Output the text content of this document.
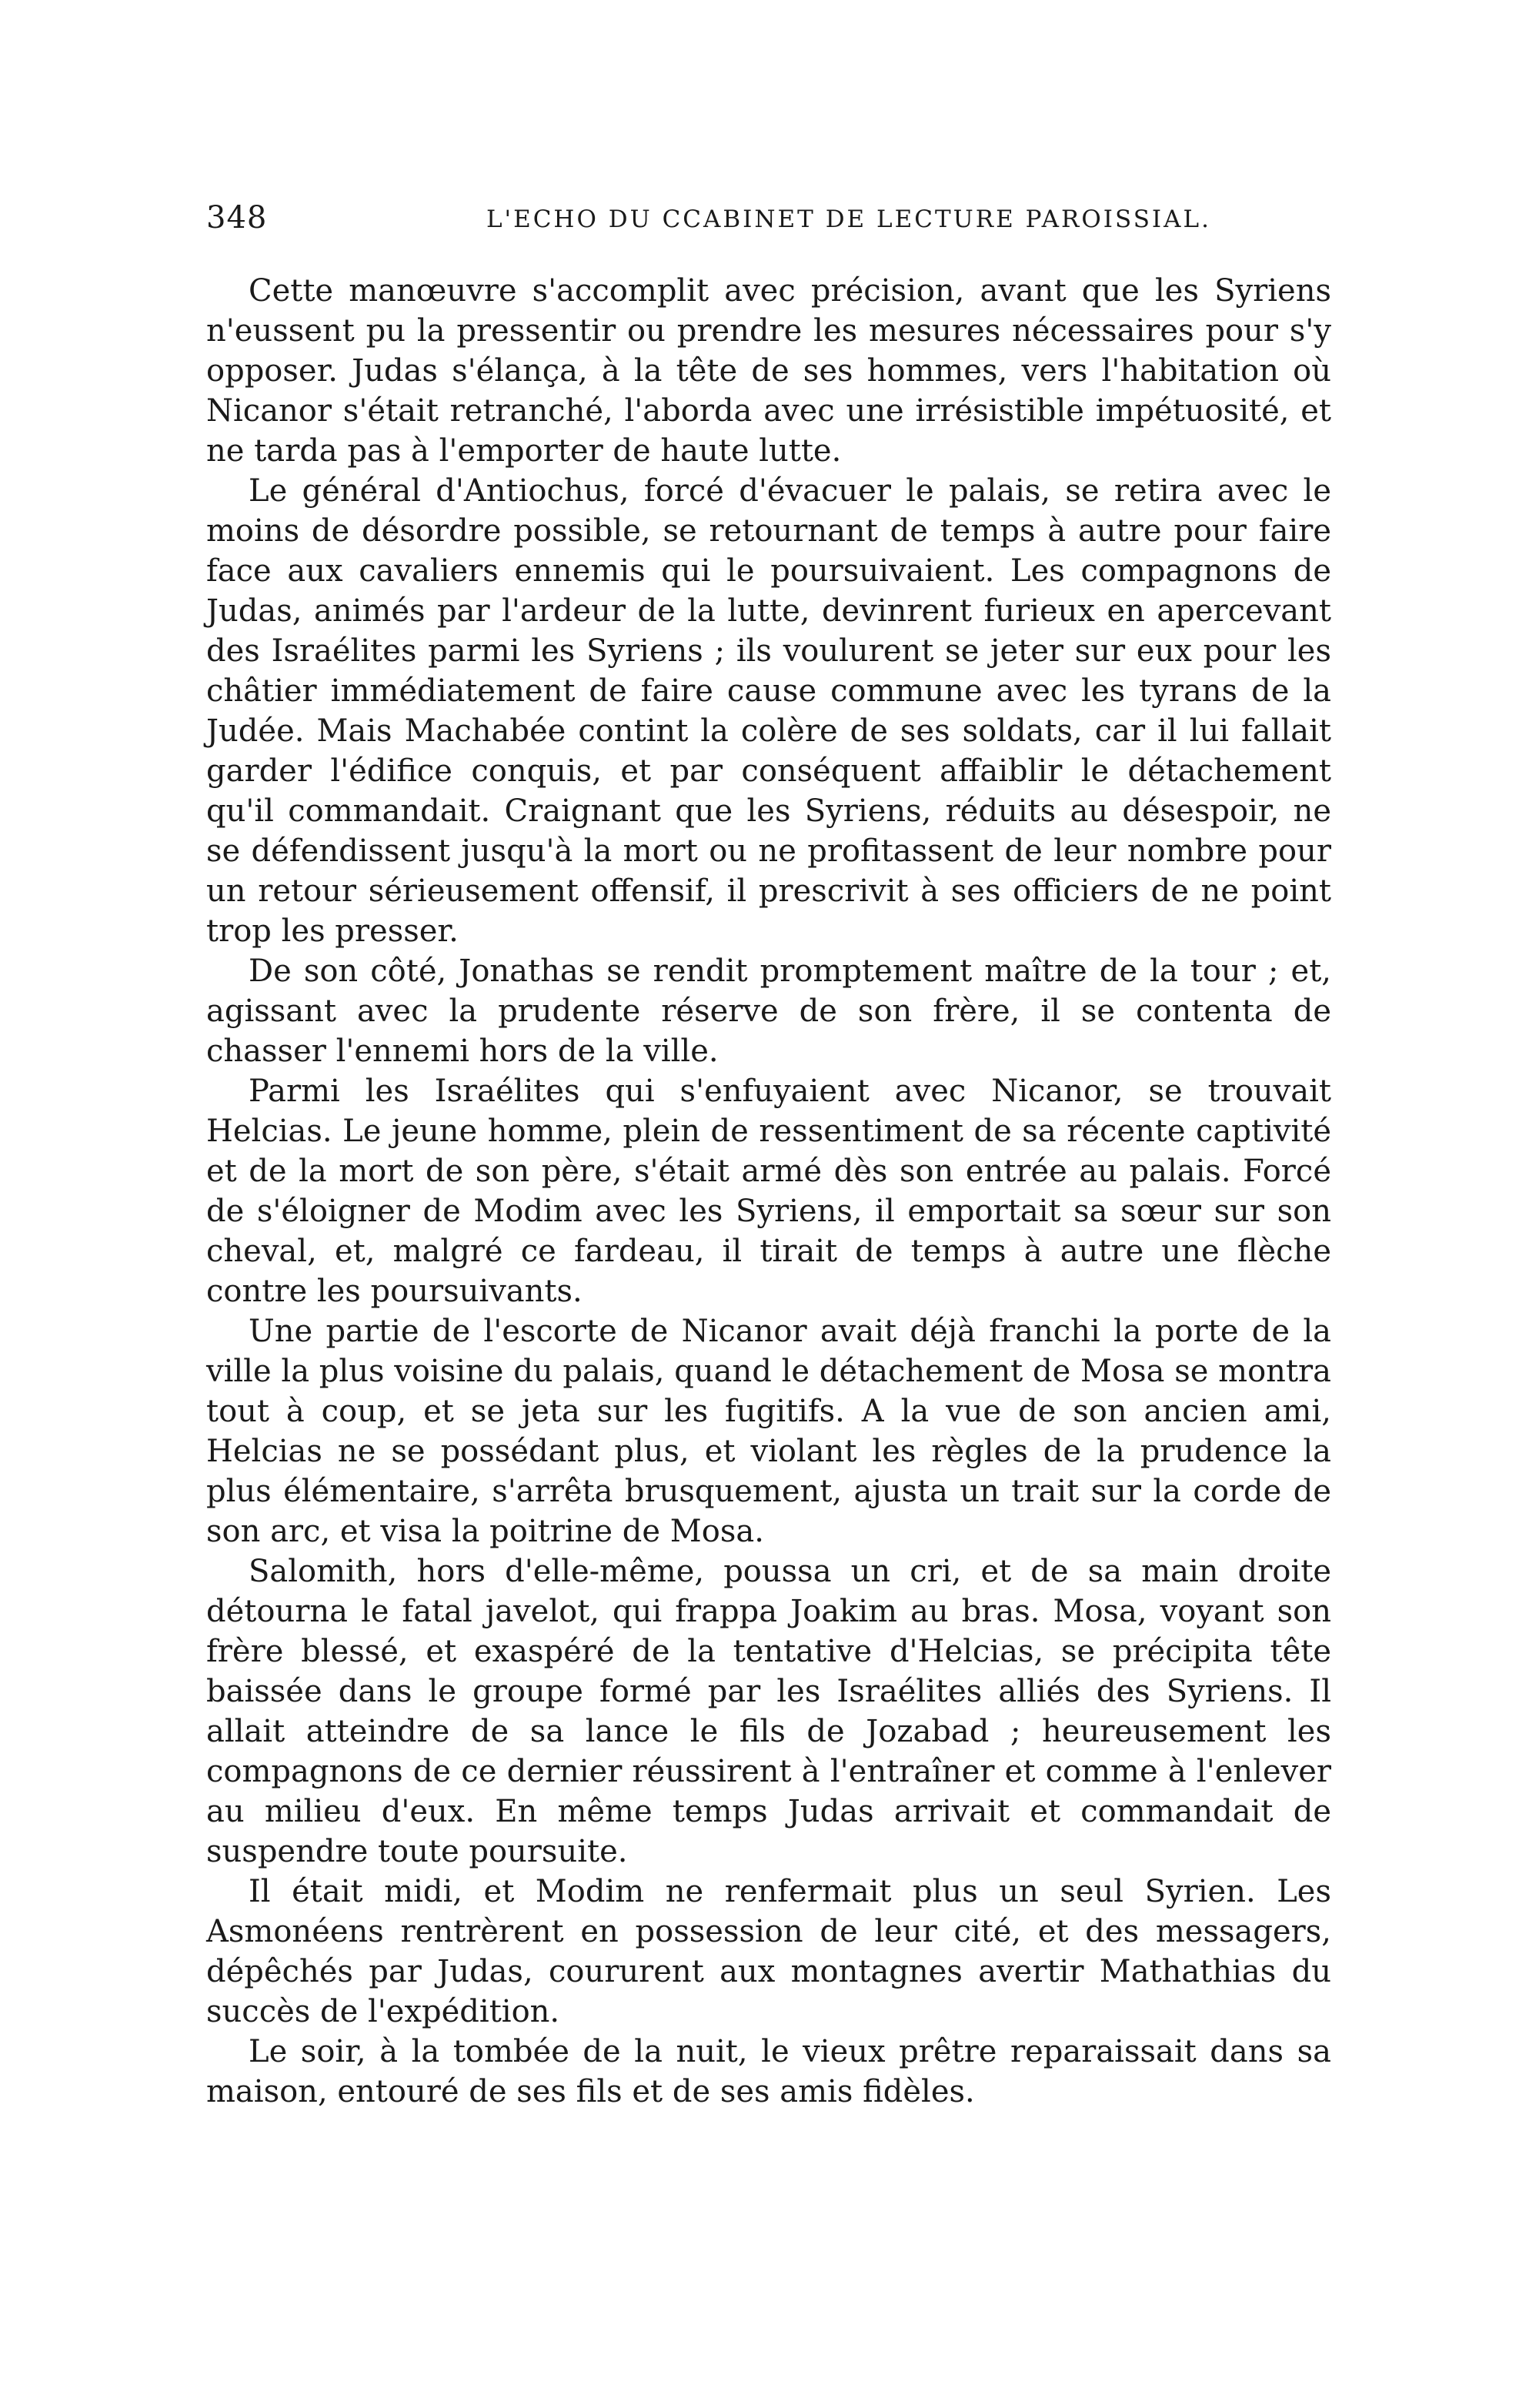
348	L'ECHO DU CCABINET DE LECTURE PAROISSIAL.

Cette manœuvre s'accomplit avec précision, avant que les Syriens n'eussent pu la pressentir ou prendre les mesures nécessaires pour s'y opposer. Judas s'élança, à la tête de ses hommes, vers l'habitation où Nicanor s'était retranché, l'aborda avec une irrésistible impétuosité, et ne tarda pas à l'emporter de haute lutte.

Le général d'Antiochus, forcé d'évacuer le palais, se retira avec le moins de désordre possible, se retournant de temps à autre pour faire face aux cavaliers ennemis qui le poursuivaient. Les compagnons de Judas, animés par l'ardeur de la lutte, devinrent furieux en apercevant des Israélites parmi les Syriens ; ils voulurent se jeter sur eux pour les châtier immédiatement de faire cause commune avec les tyrans de la Judée. Mais Machabée contint la colère de ses soldats, car il lui fallait garder l'édifice conquis, et par conséquent affaiblir le détachement qu'il commandait. Craignant que les Syriens, réduits au désespoir, ne se défendissent jusqu'à la mort ou ne profitassent de leur nombre pour un retour sérieusement offensif, il prescrivit à ses officiers de ne point trop les presser.

De son côté, Jonathas se rendit promptement maître de la tour ; et, agissant avec la prudente réserve de son frère, il se contenta de chasser l'ennemi hors de la ville.

Parmi les Israélites qui s'enfuyaient avec Nicanor, se trouvait Helcias. Le jeune homme, plein de ressentiment de sa récente captivité et de la mort de son père, s'était armé dès son entrée au palais. Forcé de s'éloigner de Modim avec les Syriens, il emportait sa sœur sur son cheval, et, malgré ce fardeau, il tirait de temps à autre une flèche contre les poursuivants.

Une partie de l'escorte de Nicanor avait déjà franchi la porte de la ville la plus voisine du palais, quand le détachement de Mosa se montra tout à coup, et se jeta sur les fugitifs. A la vue de son ancien ami, Helcias ne se possédant plus, et violant les règles de la prudence la plus élémentaire, s'arrêta brusquement, ajusta un trait sur la corde de son arc, et visa la poitrine de Mosa.

Salomith, hors d'elle-même, poussa un cri, et de sa main droite détourna le fatal javelot, qui frappa Joakim au bras. Mosa, voyant son frère blessé, et exaspéré de la tentative d'Helcias, se précipita tête baissée dans le groupe formé par les Israélites alliés des Syriens. Il allait atteindre de sa lance le fils de Jozabad ; heureusement les compagnons de ce dernier réussirent à l'entraîner et comme à l'enlever au milieu d'eux. En même temps Judas arrivait et commandait de suspendre toute poursuite.

Il était midi, et Modim ne renfermait plus un seul Syrien. Les Asmonéens rentrèrent en possession de leur cité, et des messagers, dépêchés par Judas, coururent aux montagnes avertir Mathathias du succès de l'expédition.

Le soir, à la tombée de la nuit, le vieux prêtre reparaissait dans sa maison, entouré de ses fils et de ses amis fidèles.
